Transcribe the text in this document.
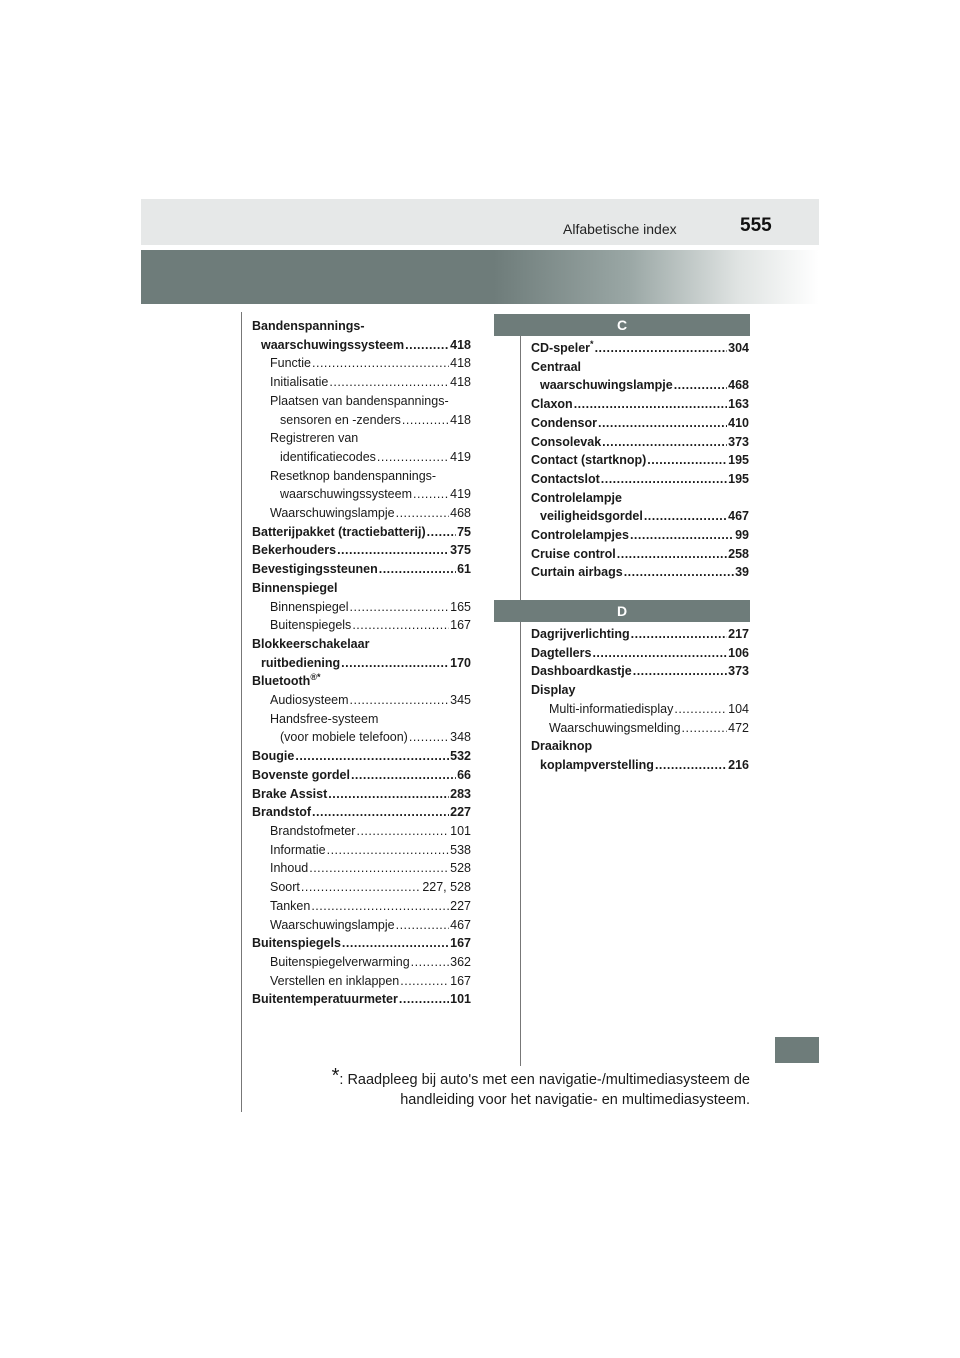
Alfabetische index	555
Bandenspannings-
waarschuwingssysteem .....	418
Functie .....	418
Initialisatie .....	418
Plaatsen van bandenspannings-
sensoren en -zenders .....	418
Registreren van
identificatiecodes .....	419
Resetknop bandenspannings-
waarschuwingssysteem .....	419
Waarschuwingslampje .....	468
Batterijpakket (tractiebatterij) .....	75
Bekerhouders .....	375
Bevestigingssteunen .....	61
Binnenspiegel
Binnenspiegel .....	165
Buitenspiegels .....	167
Blokkeerschakelaar
ruitbediening .....	170
Bluetooth®*
Audiosysteem .....	345
Handsfree-systeem
(voor mobiele telefoon) .....	348
Bougie .....	532
Bovenste gordel .....	66
Brake Assist .....	283
Brandstof .....	227
Brandstofmeter .....	101
Informatie .....	538
Inhoud .....	528
Soort .....	227, 528
Tanken .....	227
Waarschuwingslampje .....	467
Buitenspiegels .....	167
Buitenspiegelverwarming .....	362
Verstellen en inklappen .....	167
Buitentemperatuurmeter .....	101
C
CD-speler* .....	304
Centraal
waarschuwingslampje .....	468
Claxon .....	163
Condensor .....	410
Consolevak .....	373
Contact (startknop) .....	195
Contactslot .....	195
Controlelampje
veiligheidsgordel .....	467
Controlelampjes .....	99
Cruise control .....	258
Curtain airbags .....	39
D
Dagrijverlichting .....	217
Dagtellers .....	106
Dashboardkastje .....	373
Display
Multi-informatiedisplay .....	104
Waarschuwingsmelding .....	472
Draaiknop
koplampverstelling .....	216
*: Raadpleeg bij auto's met een navigatie-/multimediasysteem de
handleiding voor het navigatie- en multimediasysteem.
